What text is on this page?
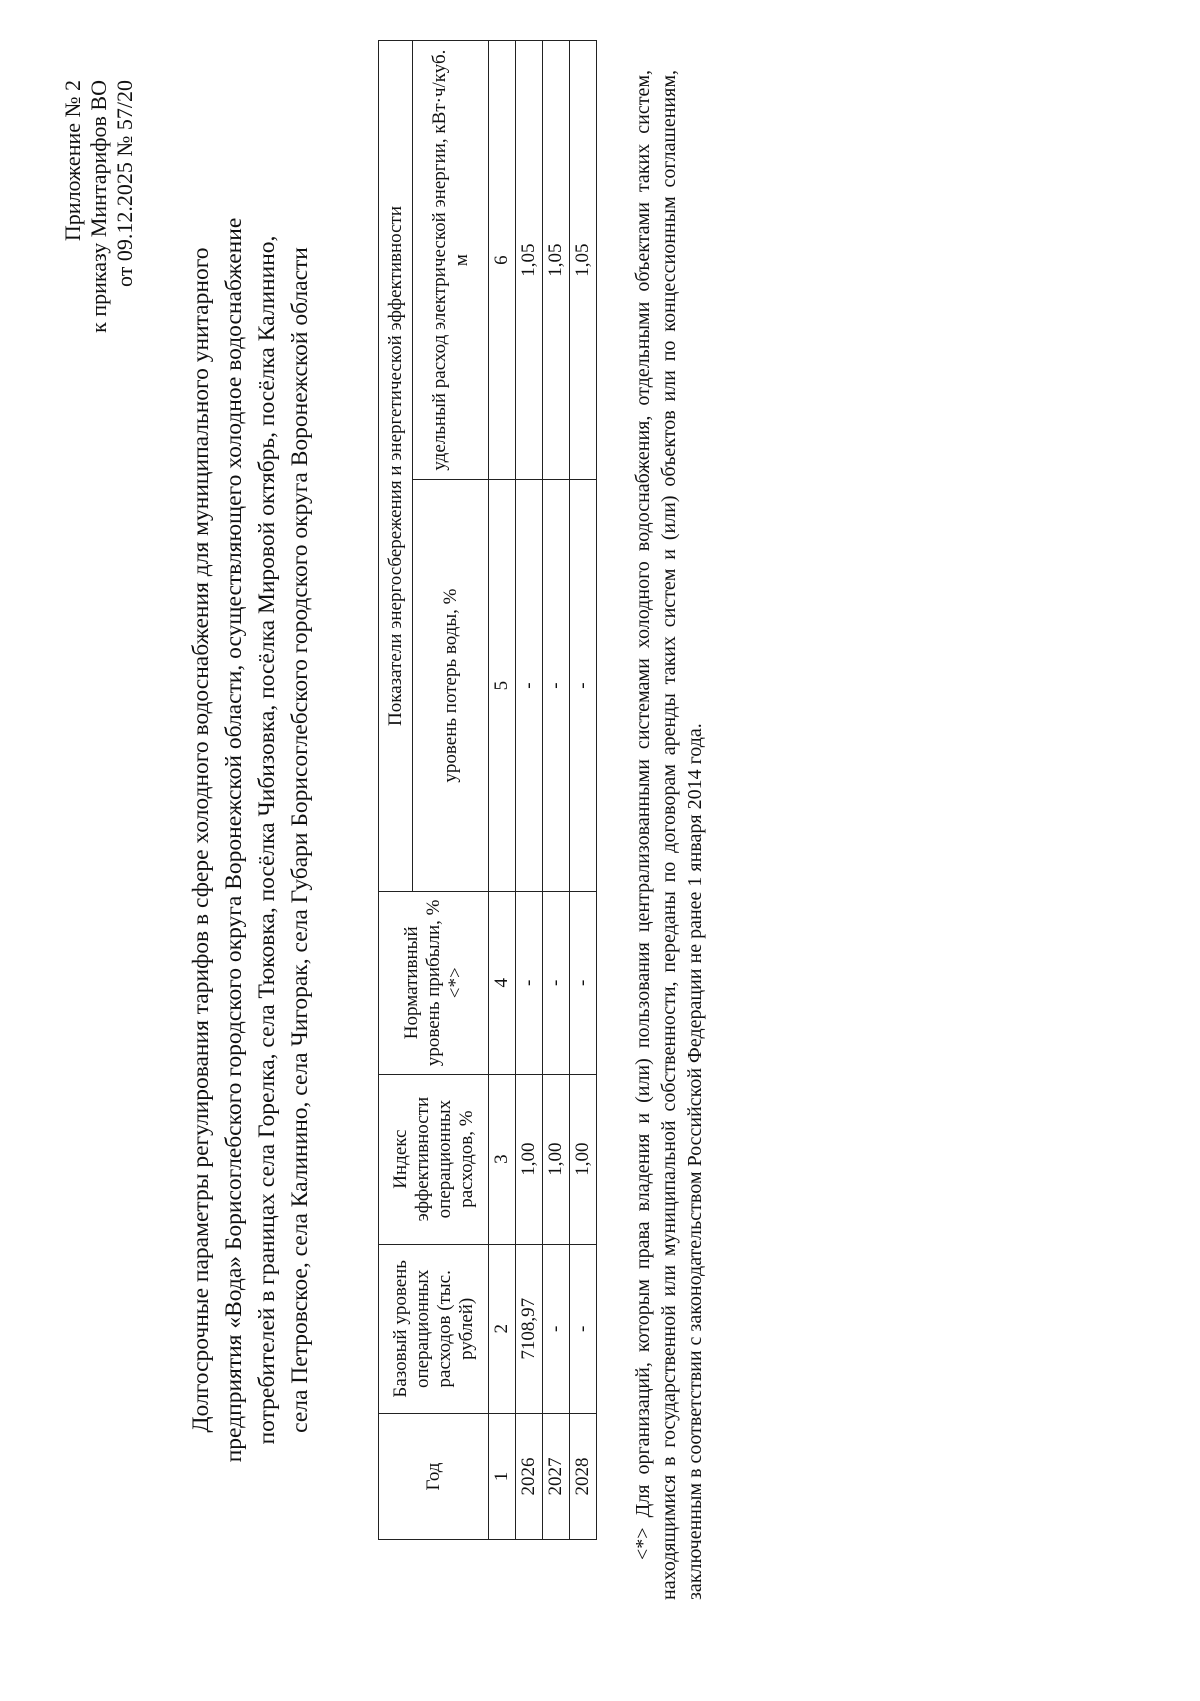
Приложение № 2 к приказу Минтарифов ВО от 09.12.2025 № 57/20
Долгосрочные параметры регулирования тарифов в сфере холодного водоснабжения для муниципального унитарного предприятия «Вода» Борисоглебского городского округа Воронежской области, осуществляющего холодное водоснабжение потребителей в границах села Горелка, села Тюковка, посёлка Чибизовка, посёлка Мировой октябрь, посёлка Калинино, села Петровское, села Калинино, села Чигорак, села Губари Борисоглебского городского округа Воронежской области
Год	Базовый уровень операционных расходов (тыс. рублей)	Индекс эффективности операционных расходов, %	Нормативный уровень прибыли, % <*>	Показатели энергосбережения и энергетической эффективности	
				уровень потерь воды, %	удельный расход электрической энергии, кВт·ч/куб. м
1	2	3	4	5	6
2026	7108,97	1,00	-	-	1,05
2027	-	1,00	-	-	1,05
2028	-	1,00	-	-	1,05 <*> Для организаций, которым права владения и (или) пользования централизованными системами холодного водоснабжения, отдельными объектами таких систем, находящимися в государственной или муниципальной собственности, переданы по договорам аренды таких систем и (или) объектов или по концессионным соглашениям, заключенным в соответствии с законодательством Российской Федерации не ранее 1 января 2014 года.
